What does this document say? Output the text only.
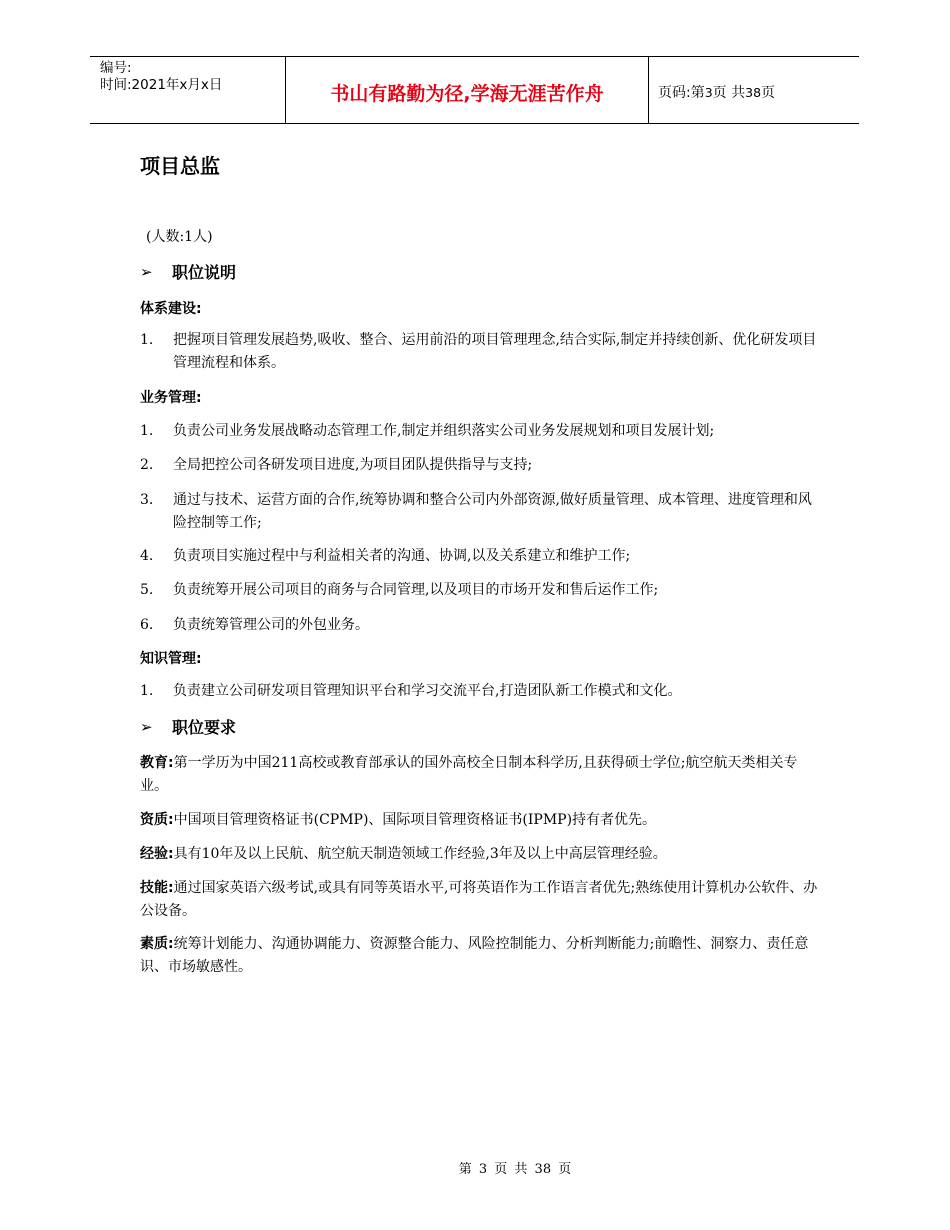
编号:
时间:2021年x月x日	书山有路勤为径,学海无涯苦作舟	页码:第 3 页 共 38 页
项目总监
(人数:1人)
➢	职位说明
体系建设:
1.	把握项目管理发展趋势,吸收、整合、运用前沿的项目管理理念,结合实际,制定并持续创新、优化研发项目管理流程和体系。
业务管理:
1.	负责公司业务发展战略动态管理工作,制定并组织落实公司业务发展规划和项目发展计划;
2.	全局把控公司各研发项目进度,为项目团队提供指导与支持;
3.	通过与技术、运营方面的合作,统筹协调和整合公司内外部资源,做好质量管理、成本管理、进度管理和风险控制等工作;
4.	负责项目实施过程中与利益相关者的沟通、协调,以及关系建立和维护工作;
5.	负责统筹开展公司项目的商务与合同管理,以及项目的市场开发和售后运作工作;
6.	负责统筹管理公司的外包业务。
知识管理:
1.	负责建立公司研发项目管理知识平台和学习交流平台,打造团队新工作模式和文化。
➢	职位要求
教育:第一学历为中国211高校或教育部承认的国外高校全日制本科学历,且获得硕士学位;航空航天类相关专业。
资质:中国项目管理资格证书(CPMP)、国际项目管理资格证书(IPMP)持有者优先。
经验:具有10年及以上民航、航空航天制造领域工作经验,3年及以上中高层管理经验。
技能:通过国家英语六级考试,或具有同等英语水平,可将英语作为工作语言者优先;熟练使用计算机办公软件、办公设备。
素质:统筹计划能力、沟通协调能力、资源整合能力、风险控制能力、分析判断能力;前瞻性、洞察力、责任意识、市场敏感性。
第 3 页 共 38 页
